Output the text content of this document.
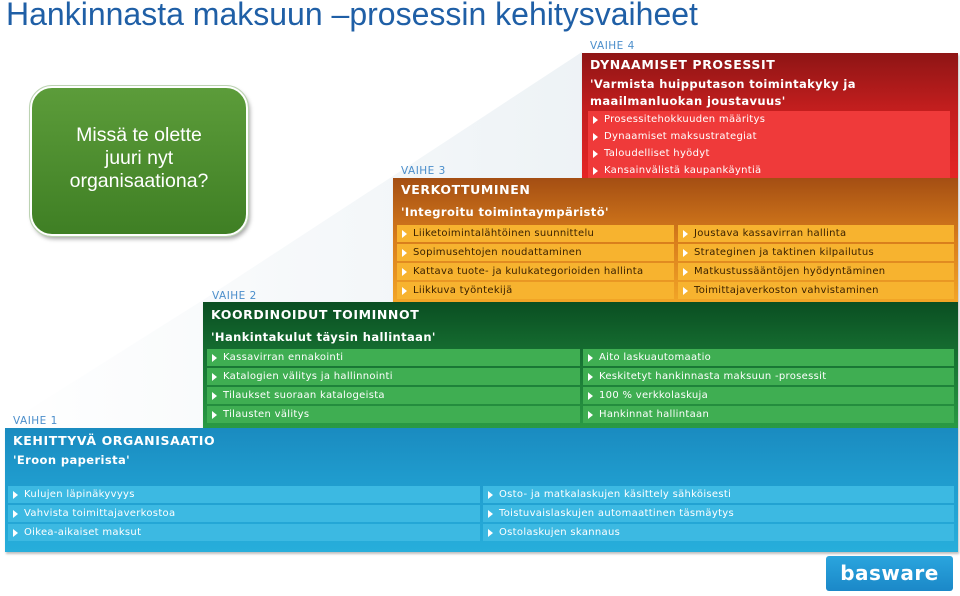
Hankinnasta maksuun –prosessin kehitysvaiheet
Missä te olette
juuri nyt
organisaationa?
VAIHE 4
DYNAAMISET PROSESSIT
'Varmista huipputason toimintakyky ja
maailmanluokan joustavuus'
Prosessitehokkuuden määritys
Dynaamiset maksustrategiat
Taloudelliset hyödyt
Kansainvälistä kaupankäyntiä
VAIHE 3
VERKOTTUMINEN
'Integroitu toimintaympäristö'
Liiketoimintalähtöinen suunnittelu
Sopimusehtojen noudattaminen
Kattava tuote- ja kulukategorioiden hallinta
Liikkuva työntekijä
Joustava kassavirran hallinta
Strateginen ja taktinen kilpailutus
Matkustussääntöjen hyödyntäminen
Toimittajaverkoston vahvistaminen
VAIHE 2
KOORDINOIDUT TOIMINNOT
'Hankintakulut täysin hallintaan'
Kassavirran ennakointi
Katalogien välitys ja hallinnointi
Tilaukset suoraan katalogeista
Tilausten välitys
Aito laskuautomaatio
Keskitetyt hankinnasta maksuun -prosessit
100 % verkkolaskuja
Hankinnat hallintaan
VAIHE 1
KEHITTYVÄ ORGANISAATIO
'Eroon paperista'
Kulujen läpinäkyvyys
Vahvista toimittajaverkostoa
Oikea-aikaiset maksut
Osto- ja matkalaskujen käsittely sähköisesti
Toistuvaislaskujen automaattinen täsmäytys
Ostolaskujen skannaus
basware
